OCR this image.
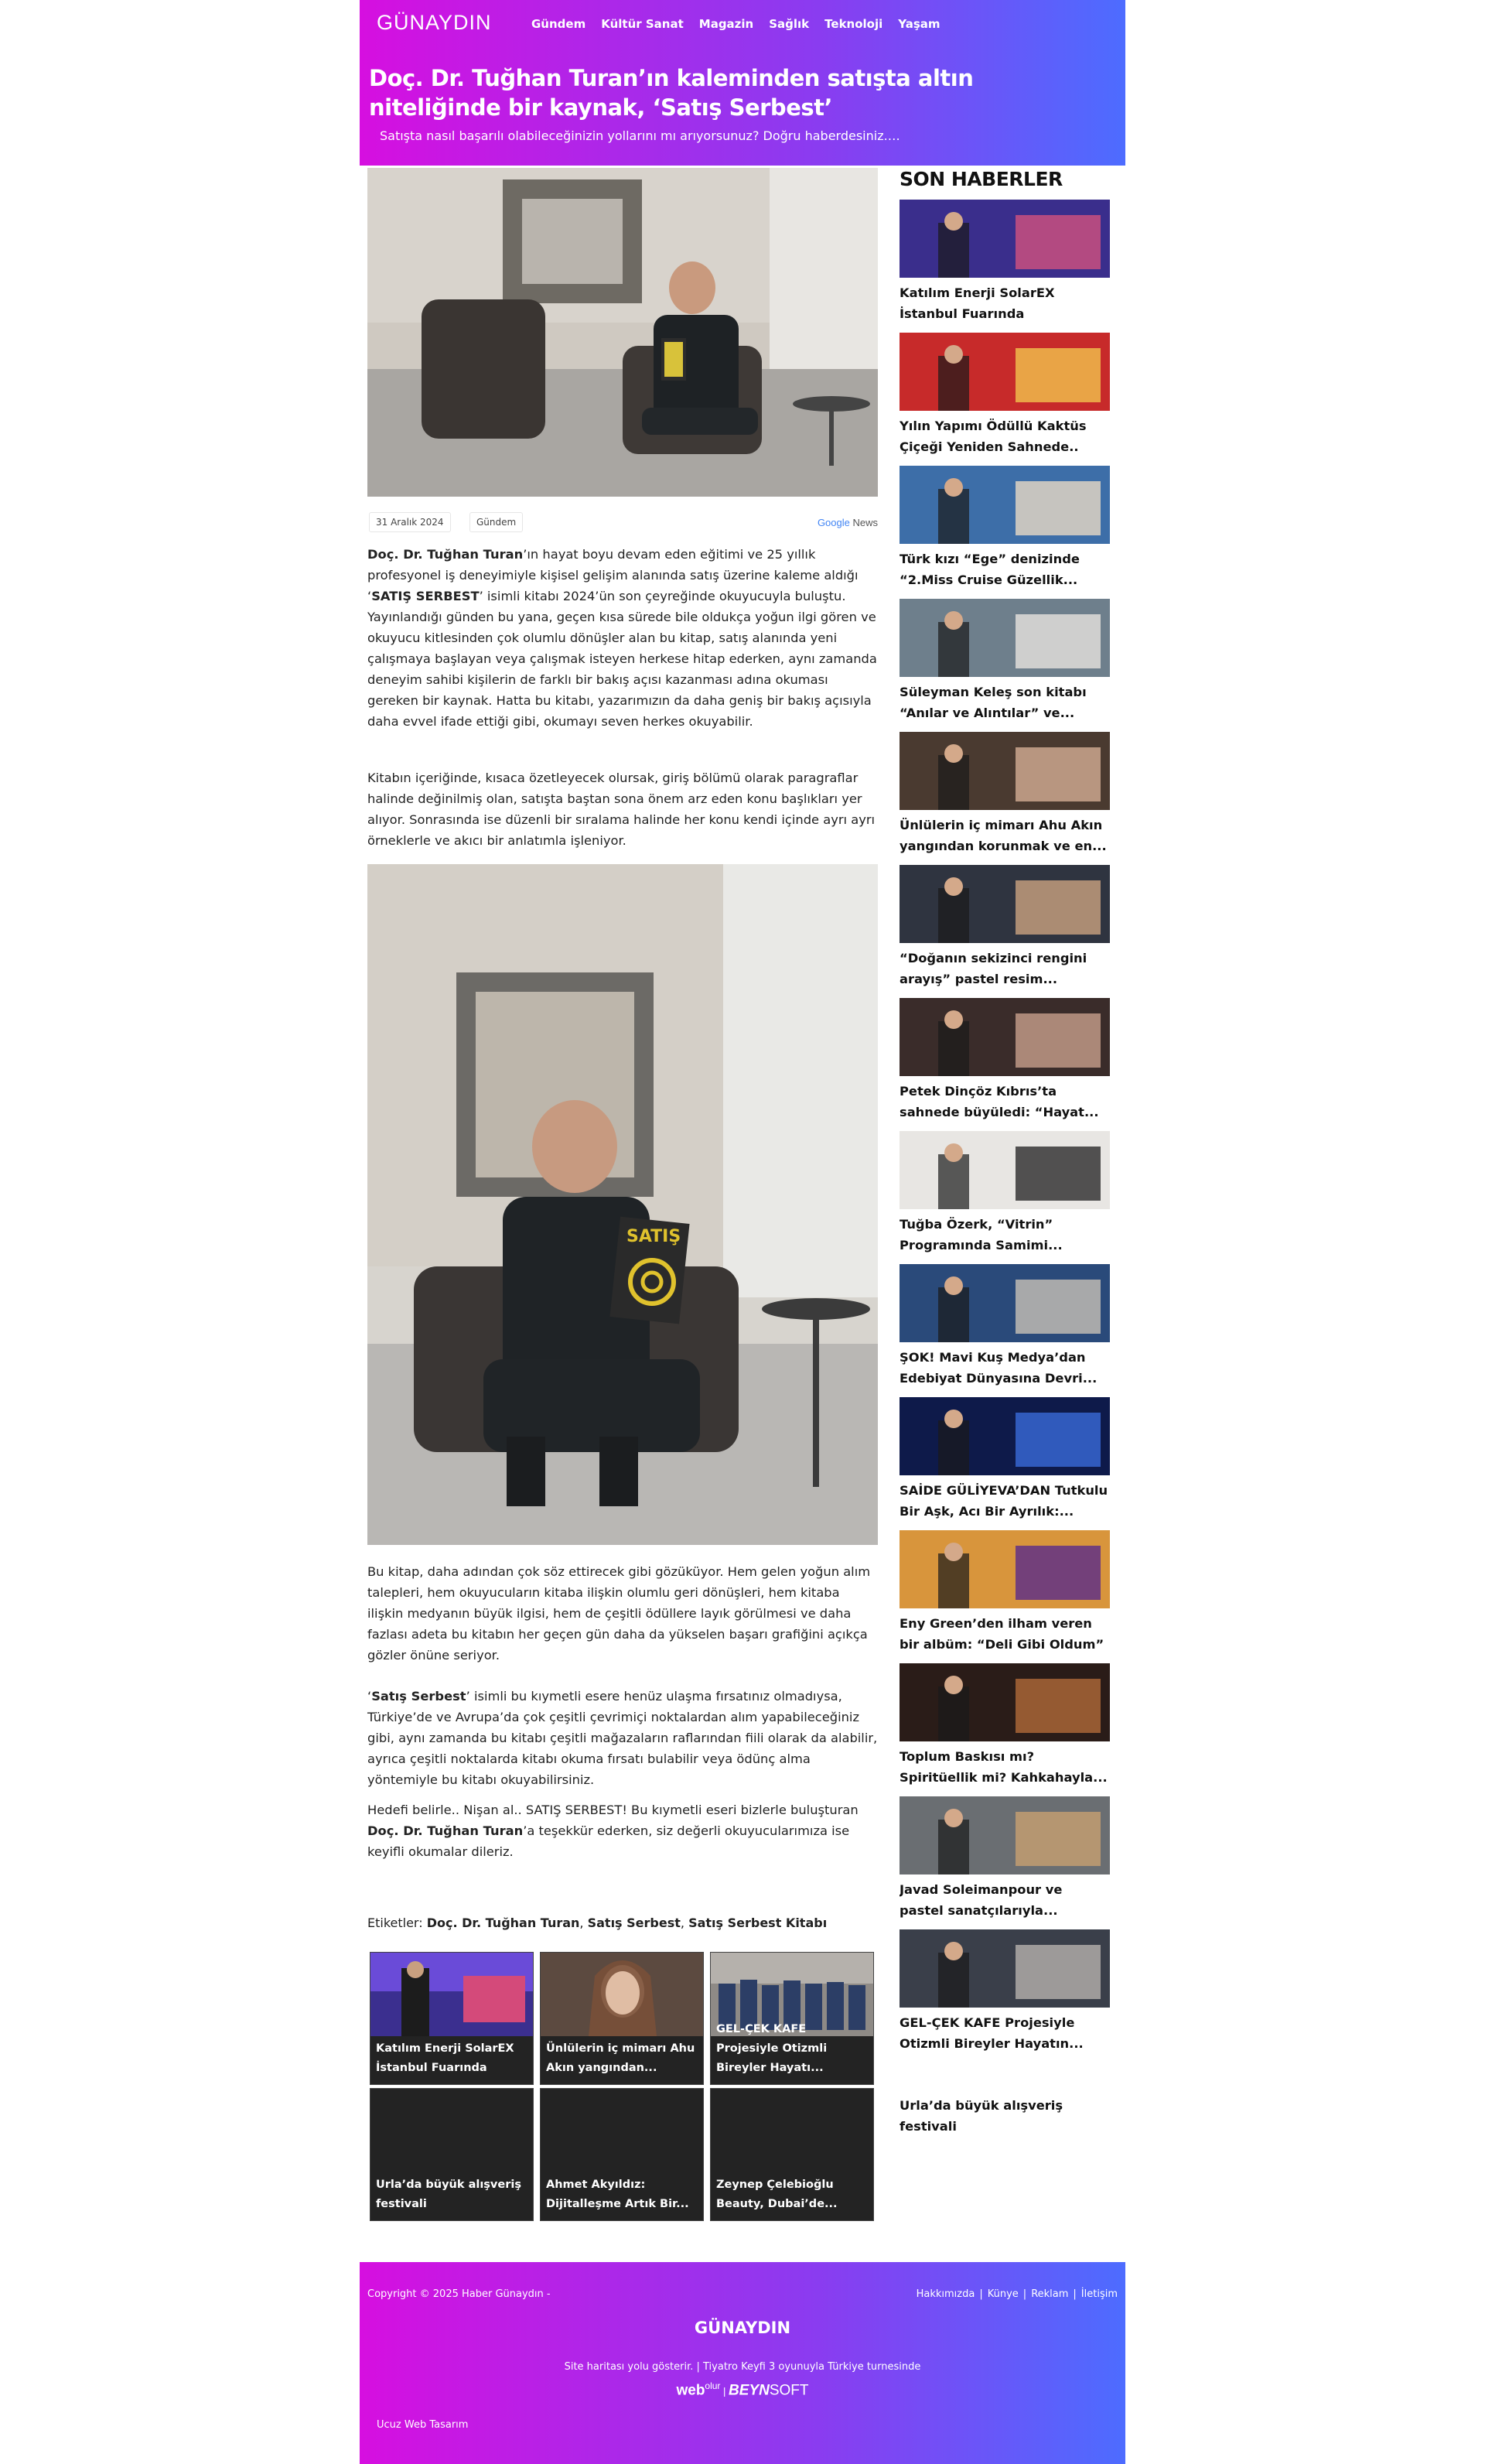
GÜNAYDIN	Gündem Kültür Sanat Magazin Sağlık Teknoloji Yaşam
Doç. Dr. Tuğhan Turan’ın kaleminden satışta altın niteliğinde bir kaynak, ‘Satış Serbest’

Satışta nasıl başarılı olabileceğinizin yollarını mı arıyorsunuz? Doğru haberdesiniz.…

31 Aralık 2024	Gündem	Google News
Doç. Dr. Tuğhan Turan’ın hayat boyu devam eden eğitimi ve 25 yıllık profesyonel iş deneyimiyle kişisel gelişim alanında satış üzerine kaleme aldığı ‘SATIŞ SERBEST’ isimli kitabı 2024’ün son çeyreğinde okuyucuyla buluştu. Yayınlandığı günden bu yana, geçen kısa sürede bile oldukça yoğun ilgi gören ve okuyucu kitlesinden çok olumlu dönüşler alan bu kitap, satış alanında yeni çalışmaya başlayan veya çalışmak isteyen herkese hitap ederken, aynı zamanda deneyim sahibi kişilerin de farklı bir bakış açısı kazanması adına okuması gereken bir kaynak. Hatta bu kitabı, yazarımızın da daha geniş bir bakış açısıyla daha evvel ifade ettiği gibi, okumayı seven herkes okuyabilir.
Kitabın içeriğinde, kısaca özetleyecek olursak, giriş bölümü olarak paragraflar halinde değinilmiş olan, satışta baştan sona önem arz eden konu başlıkları yer alıyor. Sonrasında ise düzenli bir sıralama halinde her konu kendi içinde ayrı ayrı örneklerle ve akıcı bir anlatımla işleniyor.
SATIŞ
Bu kitap, daha adından çok söz ettirecek gibi gözüküyor. Hem gelen yoğun alım talepleri, hem okuyucuların kitaba ilişkin olumlu geri dönüşleri, hem kitaba ilişkin medyanın büyük ilgisi, hem de çeşitli ödüllere layık görülmesi ve daha fazlası adeta bu kitabın her geçen gün daha da yükselen başarı grafiğini açıkça gözler önüne seriyor.
‘Satış Serbest’ isimli bu kıymetli esere henüz ulaşma fırsatınız olmadıysa, Türkiye’de ve Avrupa’da çok çeşitli çevrimiçi noktalardan alım yapabileceğiniz gibi, aynı zamanda bu kitabı çeşitli mağazaların raflarından fiili olarak da alabilir, ayrıca çeşitli noktalarda kitabı okuma fırsatı bulabilir veya ödünç alma yöntemiyle bu kitabı okuyabilirsiniz.
Hedefi belirle.. Nişan al.. SATIŞ SERBEST! Bu kıymetli eseri bizlerle buluşturan Doç. Dr. Tuğhan Turan’a teşekkür ederken, siz değerli okuyucularımıza ise keyifli okumalar dileriz.
Etiketler: Doç. Dr. Tuğhan Turan, Satış Serbest, Satış Serbest Kitabı
Katılım Enerji SolarEX İstanbul Fuarında
Ünlülerin iç mimarı Ahu Akın yangından...
GEL-ÇEK KAFE Projesiyle Otizmli Bireyler Hayatı...
Urla’da büyük alışveriş festivali
Ahmet Akyıldız: Dijitalleşme Artık Bir...
Zeynep Çelebioğlu Beauty, Dubai’de...
SON HABERLER
Katılım Enerji SolarEX İstanbul Fuarında
Yılın Yapımı Ödüllü Kaktüs Çiçeği Yeniden Sahnede..
Türk kızı “Ege” denizinde “2.Miss Cruise Güzellik...
Süleyman Keleş son kitabı “Anılar ve Alıntılar” ve...
Ünlülerin iç mimarı Ahu Akın yangından korunmak ve en...
“Doğanın sekizinci rengini arayış” pastel resim...
Petek Dinçöz Kıbrıs’ta sahnede büyüledi: “Hayat...
Tuğba Özerk, “Vitrin” Programında Samimi...
ŞOK! Mavi Kuş Medya’dan Edebiyat Dünyasına Devri...
SAİDE GÜLİYEVA’DAN Tutkulu Bir Aşk, Acı Bir Ayrılık:...
Eny Green’den ilham veren bir albüm: “Deli Gibi Oldum”
Toplum Baskısı mı? Spiritüellik mi? Kahkahayla...
Javad Soleimanpour ve pastel sanatçılarıyla...
GEL-ÇEK KAFE Projesiyle Otizmli Bireyler Hayatın...
Urla’da büyük alışveriş festivali
Copyright © 2025 Haber Günaydın -	Hakkımızda | Künye | Reklam | İletişim
GÜNAYDIN
Site haritası yolu gösterir. | Tiyatro Keyfi 3 oyunuyla Türkiye turnesinde
web$^{olur}$ | BEYNSOFT
Ucuz Web Tasarım
